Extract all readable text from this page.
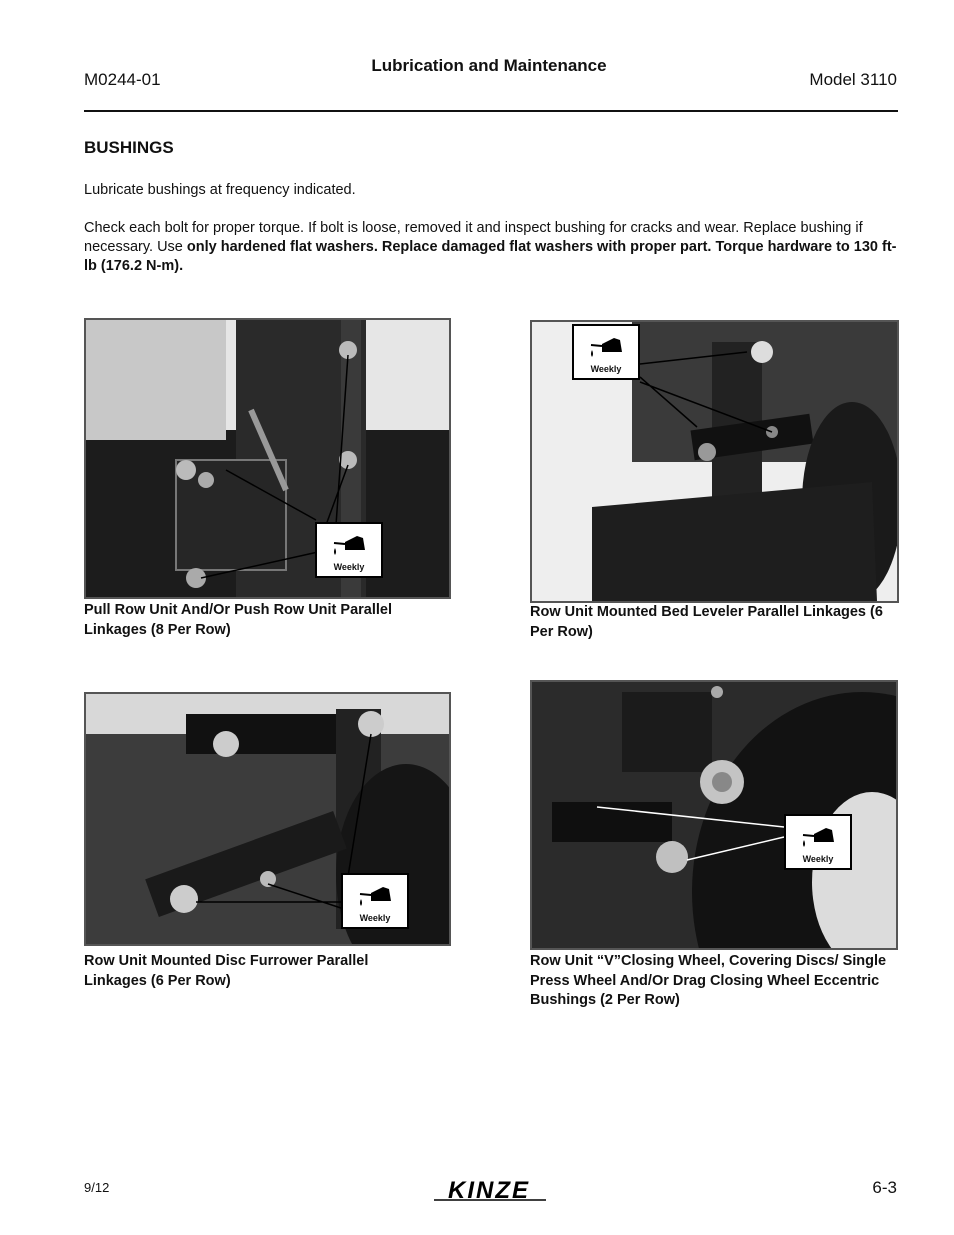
M0244-01
Lubrication and Maintenance
Model 3110
BUSHINGS
Lubricate bushings at frequency indicated.
Check each bolt for proper torque. If bolt is loose, removed it and inspect bushing for cracks and wear. Replace bushing if necessary. Use only hardened flat washers. Replace damaged flat washers with proper part. Torque hardware to 130 ft-lb (176.2 N-m).
Weekly
Pull Row Unit And/Or Push Row Unit Parallel Linkages (8 Per Row)
Weekly
Row Unit Mounted Bed Leveler Parallel Linkages (6 Per Row)
Weekly
Row Unit Mounted Disc Furrower Parallel Linkages (6 Per Row)
Weekly
Row Unit “V”Closing Wheel, Covering Discs/ Single Press Wheel And/Or Drag Closing Wheel Eccentric Bushings (2 Per Row)
9/12	KINZE	6-3
